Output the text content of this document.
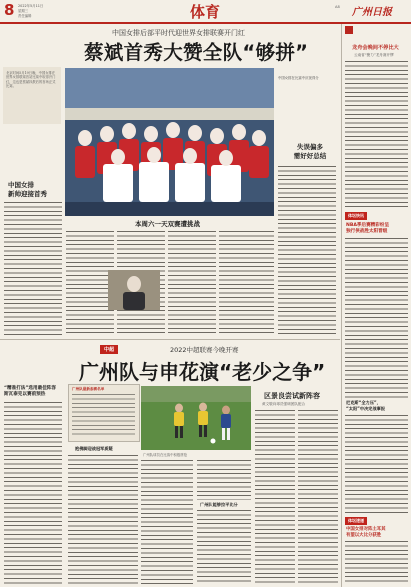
8 2022年5月11日
星期三
责任编辑	体育	A8 广州日报
中国女排后部平时代迎世界女排联赛开门红
蔡斌首秀大赞全队“够拼”
北京时间5月19日晚，中国女排在世界女排联赛首站比赛中取得开门红，这也是蔡斌执教后的首场正式比赛。
中国女排
新帅迎接首秀
中国女排在比赛中庆祝得分
失误偏多
需好好总结
本周六一天双赛遭挑战
龙舟会晚间不停比大
云南省“聚力”龙舟赛开锣
体坛快讯
NBA季后赛精彩纷呈
独行侠战胜太阳晋级
尼克斯“全力压”，
“太阳”中决定战事报
体坛速递
中国女排对阵土耳其
有望以大比分获胜
中超	2022中超联赛今晚开赛
广州队与申花演“老少之争”
“精准打法”选用最佳阵容
斯瓦泰克以赛前预热
广州队最新参赛名单
抱佛脚迎战冠军质疑
广州队球员在比赛中积极拼抢
广州队能够拉平比分
区景良尝试新阵容
黄文敬向球员强调团队配合
